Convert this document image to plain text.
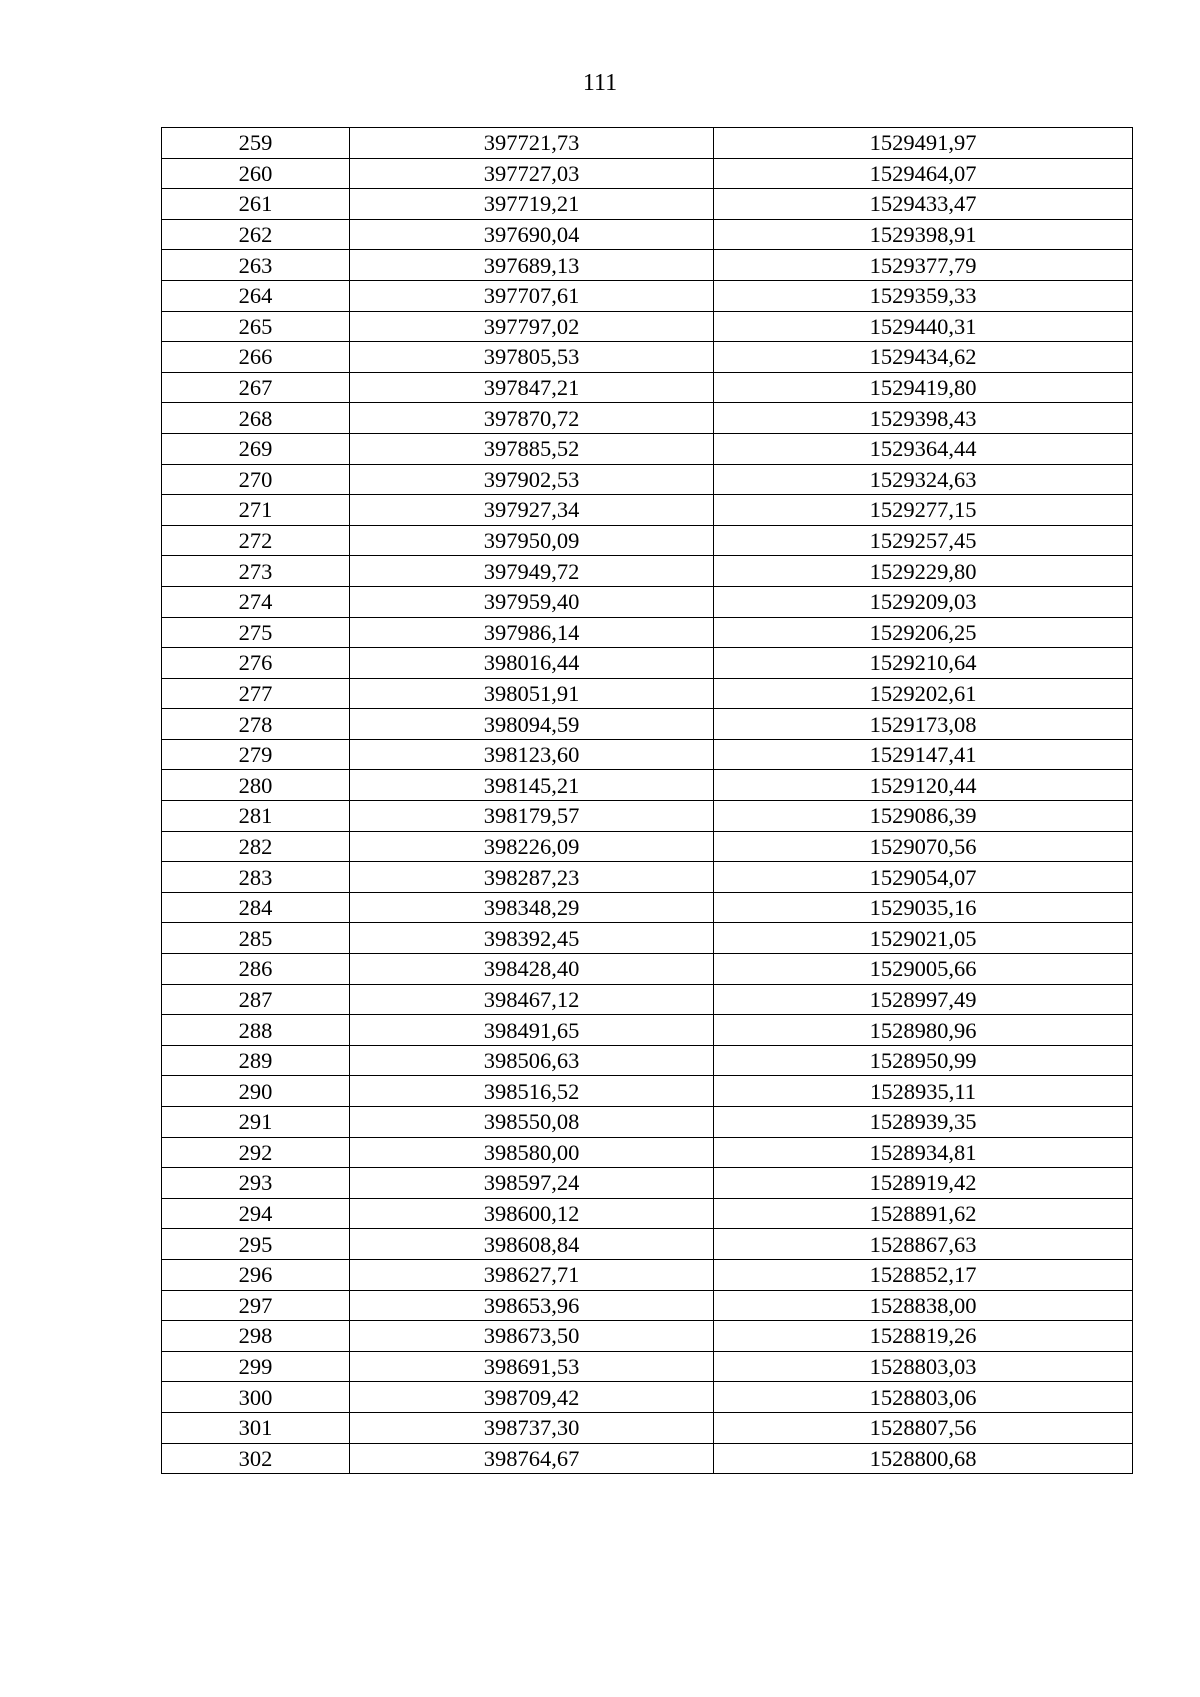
111
259	397721,73	1529491,97
260	397727,03	1529464,07
261	397719,21	1529433,47
262	397690,04	1529398,91
263	397689,13	1529377,79
264	397707,61	1529359,33
265	397797,02	1529440,31
266	397805,53	1529434,62
267	397847,21	1529419,80
268	397870,72	1529398,43
269	397885,52	1529364,44
270	397902,53	1529324,63
271	397927,34	1529277,15
272	397950,09	1529257,45
273	397949,72	1529229,80
274	397959,40	1529209,03
275	397986,14	1529206,25
276	398016,44	1529210,64
277	398051,91	1529202,61
278	398094,59	1529173,08
279	398123,60	1529147,41
280	398145,21	1529120,44
281	398179,57	1529086,39
282	398226,09	1529070,56
283	398287,23	1529054,07
284	398348,29	1529035,16
285	398392,45	1529021,05
286	398428,40	1529005,66
287	398467,12	1528997,49
288	398491,65	1528980,96
289	398506,63	1528950,99
290	398516,52	1528935,11
291	398550,08	1528939,35
292	398580,00	1528934,81
293	398597,24	1528919,42
294	398600,12	1528891,62
295	398608,84	1528867,63
296	398627,71	1528852,17
297	398653,96	1528838,00
298	398673,50	1528819,26
299	398691,53	1528803,03
300	398709,42	1528803,06
301	398737,30	1528807,56
302	398764,67	1528800,68
